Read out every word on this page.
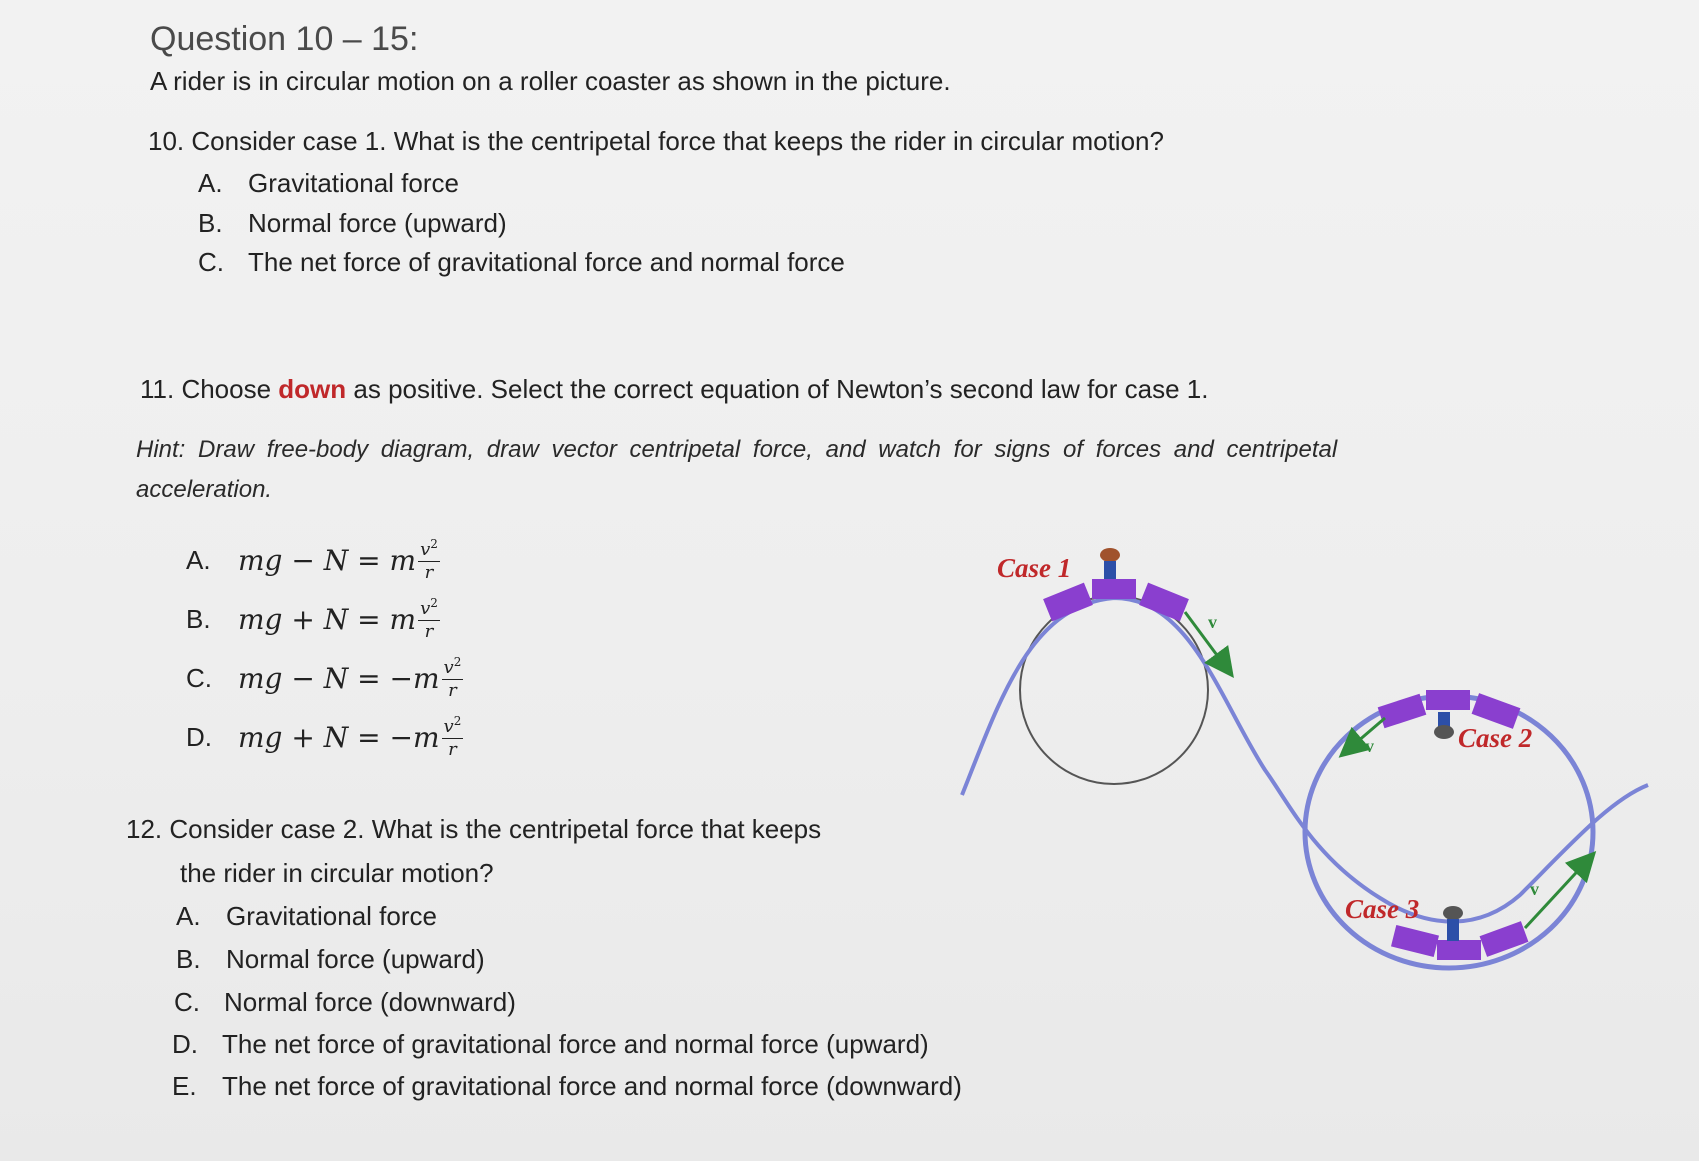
Question 10 – 15:
A rider is in circular motion on a roller coaster as shown in the picture.
10. Consider case 1. What is the centripetal force that keeps the rider in circular motion?
A. Gravitational force
B. Normal force (upward)
C. The net force of gravitational force and normal force
11. Choose down as positive. Select the correct equation of Newton’s second law for case 1.
Hint: Draw free-body diagram, draw vector centripetal force, and watch for signs of forces and centripetal
acceleration.
A. mg − N =
m $\frac{v^2}{r}$
B. mg + N =
m $\frac{v^2}{r}$
C. mg − N =
− m $\frac{v^2}{r}$
D. mg + N =
− m $\frac{v^2}{r}$
12. Consider case 2. What is the centripetal force that keeps
the rider in circular motion?
A. Gravitational force
B. Normal force (upward)
C. Normal force (downward)
D. The net force of gravitational force and normal force (upward)
E. The net force of gravitational force and normal force (downward)
Case 1
v
Case 2
v
Case 3
v
